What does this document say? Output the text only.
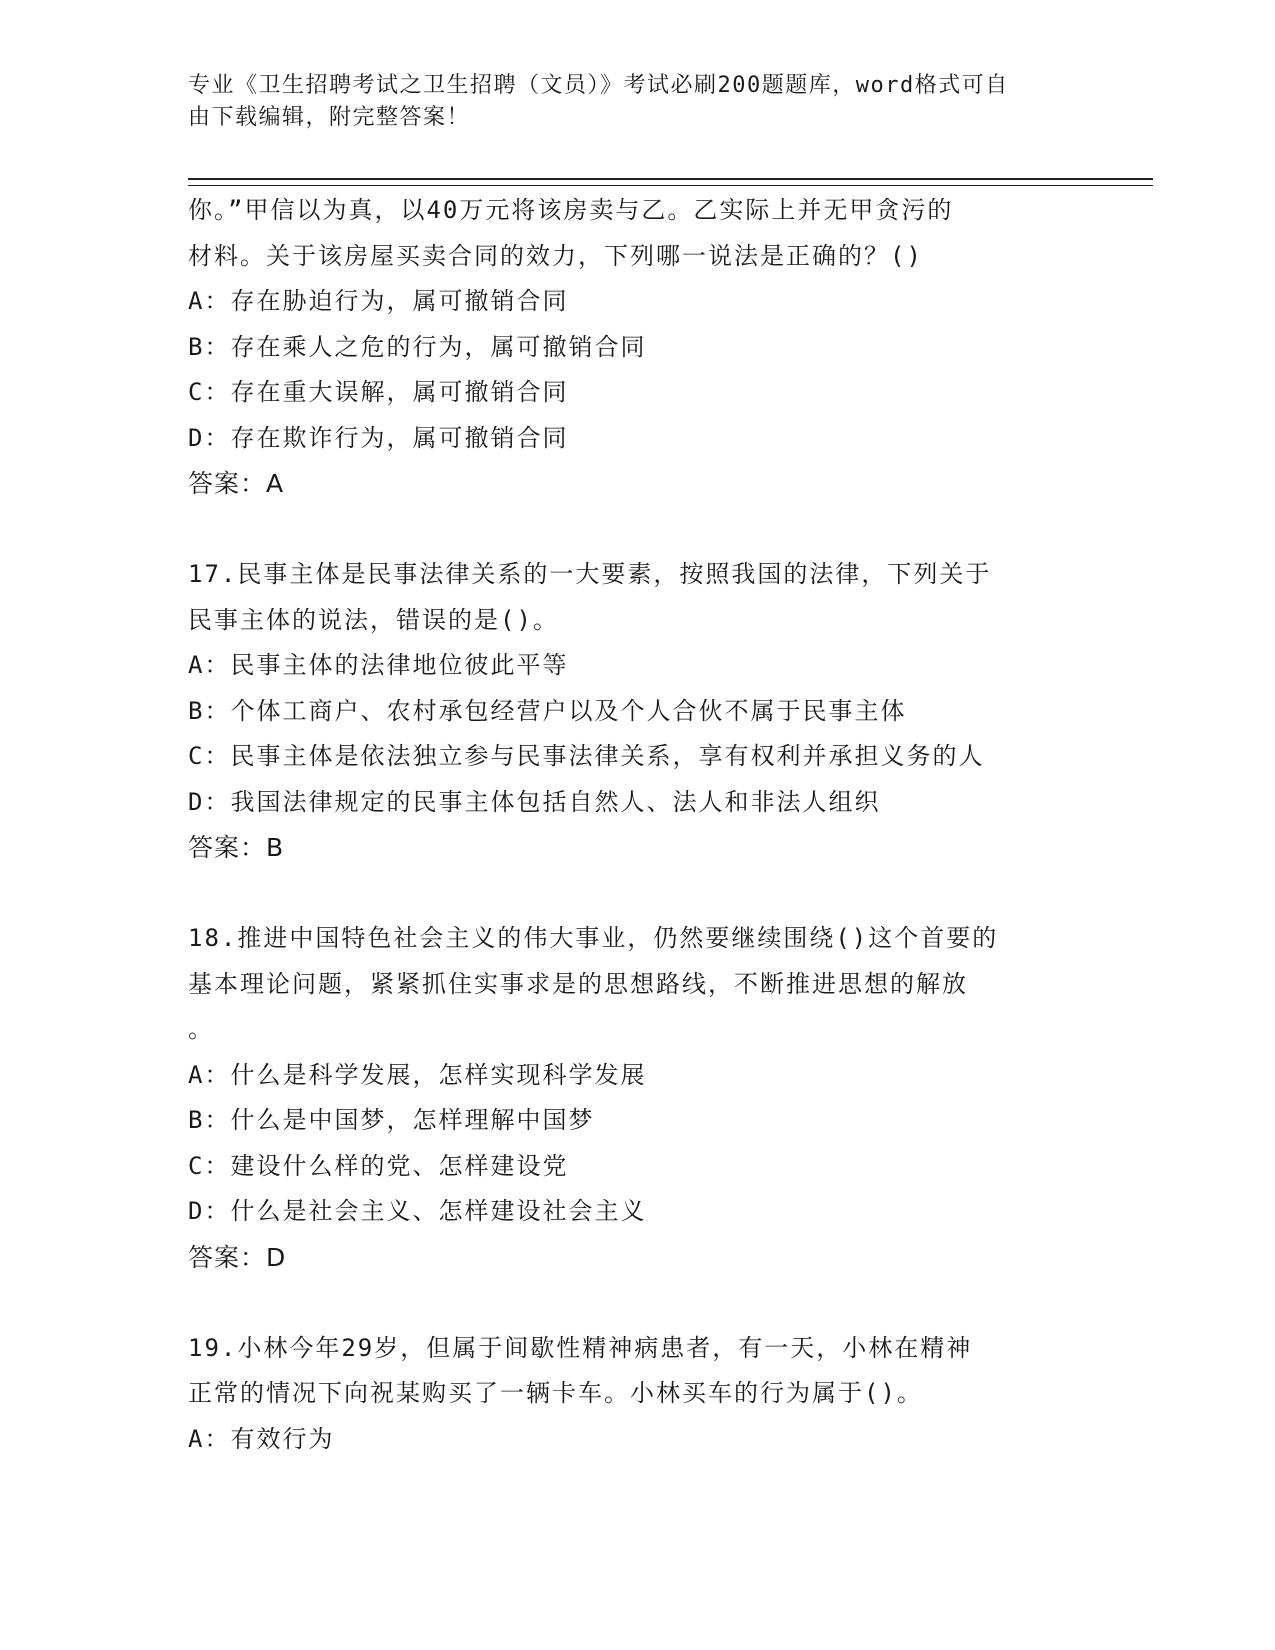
专业《卫生招聘考试之卫生招聘（文员）》考试必刷200题题库，word格式可自
由下载编辑，附完整答案！
你。”甲信以为真，以40万元将该房卖与乙。乙实际上并无甲贪污的
材料。关于该房屋买卖合同的效力，下列哪一说法是正确的？()
A：存在胁迫行为，属可撤销合同
B：存在乘人之危的行为，属可撤销合同
C：存在重大误解，属可撤销合同
D：存在欺诈行为，属可撤销合同
答案：A
17.民事主体是民事法律关系的一大要素，按照我国的法律，下列关于
民事主体的说法，错误的是()。
A：民事主体的法律地位彼此平等
B：个体工商户、农村承包经营户以及个人合伙不属于民事主体
C：民事主体是依法独立参与民事法律关系，享有权利并承担义务的人
D：我国法律规定的民事主体包括自然人、法人和非法人组织
答案：B
18.推进中国特色社会主义的伟大事业，仍然要继续围绕()这个首要的
基本理论问题，紧紧抓住实事求是的思想路线，不断推进思想的解放
。
A：什么是科学发展，怎样实现科学发展
B：什么是中国梦，怎样理解中国梦
C：建设什么样的党、怎样建设党
D：什么是社会主义、怎样建设社会主义
答案：D
19.小林今年29岁，但属于间歇性精神病患者，有一天，小林在精神
正常的情况下向祝某购买了一辆卡车。小林买车的行为属于()。
A：有效行为
